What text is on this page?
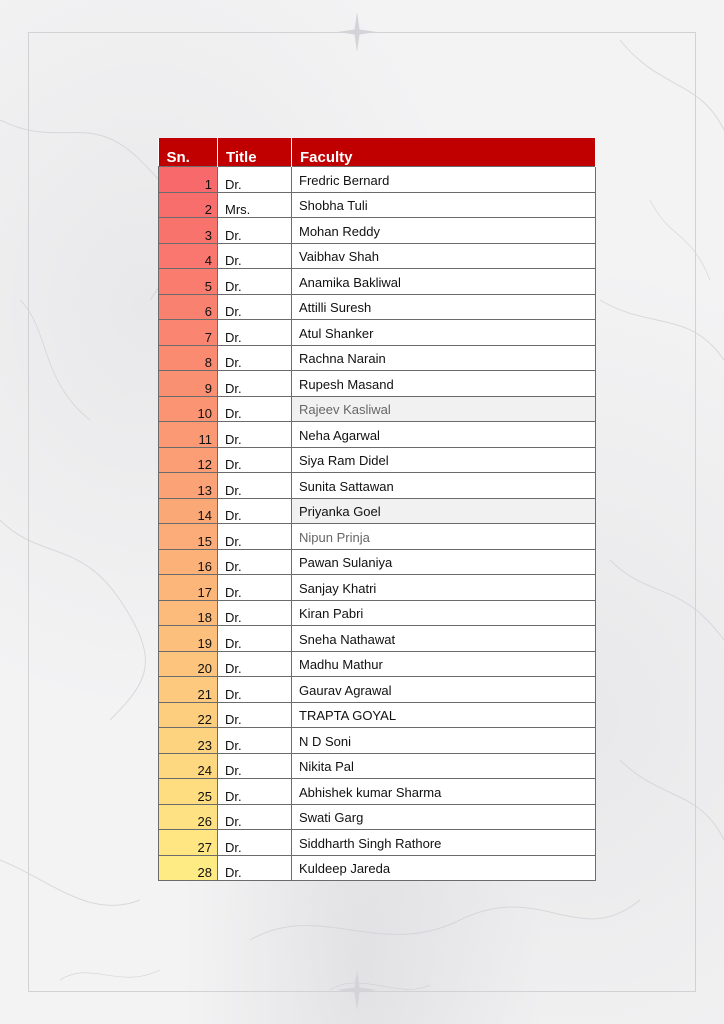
Sn.	Title	Faculty
1	Dr.	Fredric Bernard

2	Mrs.	Shobha Tuli

3	Dr.	Mohan Reddy

4	Dr.	Vaibhav Shah

5	Dr.	Anamika Bakliwal

6	Dr.	Attilli Suresh

7	Dr.	Atul Shanker

8	Dr.	Rachna Narain

9	Dr.	Rupesh Masand

10	Dr.	Rajeev Kasliwal

11	Dr.	Neha Agarwal

12	Dr.	Siya Ram Didel

13	Dr.	Sunita Sattawan

14	Dr.	Priyanka Goel

15	Dr.	Nipun Prinja

16	Dr.	Pawan Sulaniya

17	Dr.	Sanjay Khatri

18	Dr.	Kiran Pabri

19	Dr.	Sneha Nathawat

20	Dr.	Madhu Mathur

21	Dr.	Gaurav Agrawal

22	Dr.	TRAPTA GOYAL

23	Dr.	N D Soni

24	Dr.	Nikita Pal

25	Dr.	Abhishek kumar Sharma

26	Dr.	Swati Garg

27	Dr.	Siddharth Singh Rathore

28	Dr.	Kuldeep Jareda
